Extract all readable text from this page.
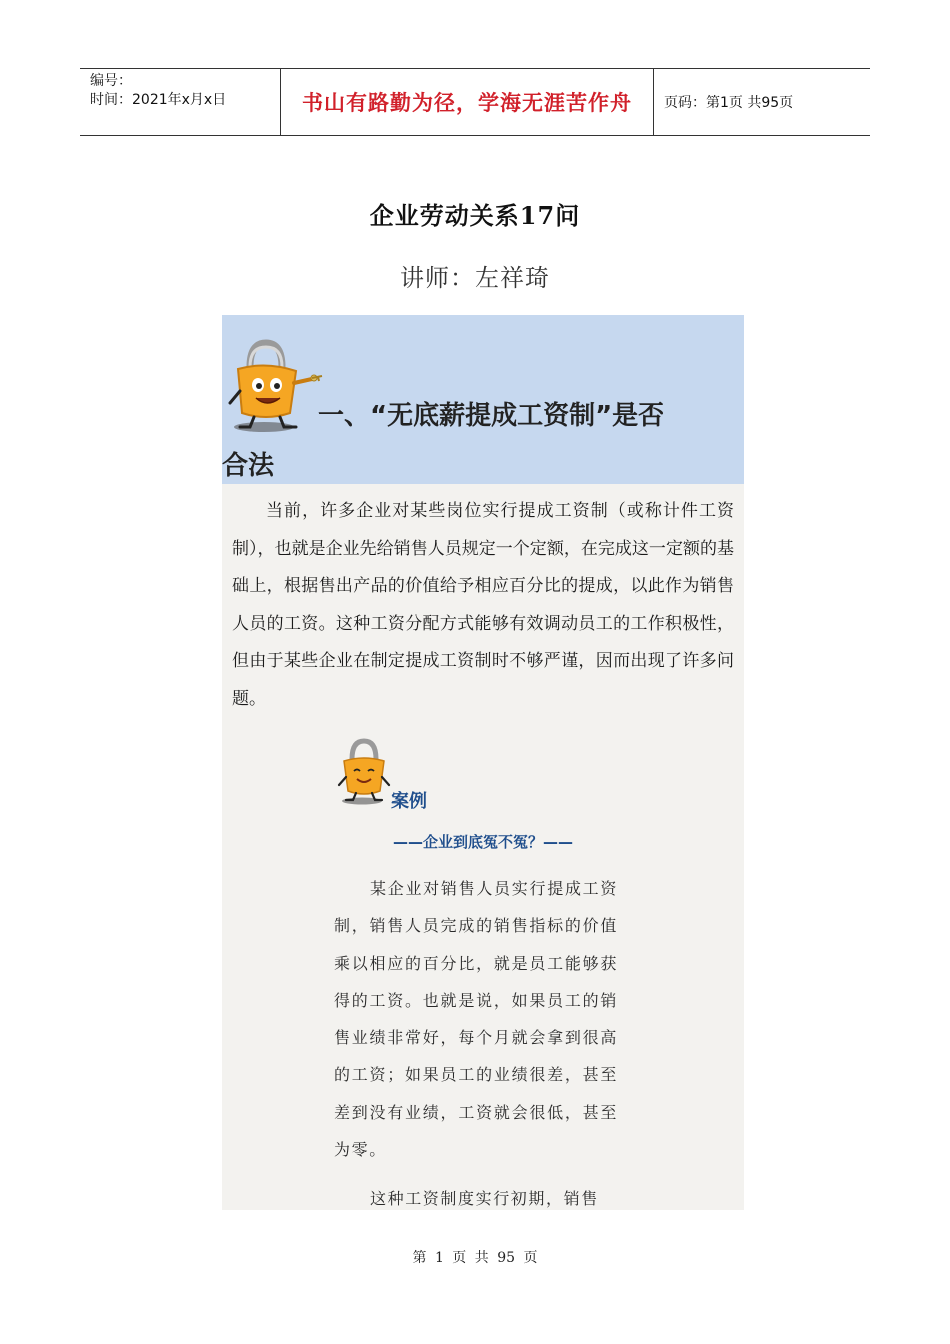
编号：
时间：2021年x月x日	书山有路勤为径，学海无涯苦作舟 页码：第1页 共95页
企业劳动关系17问
讲师：左祥琦
一、“无底薪提成工资制”是否
合法

当前，许多企业对某些岗位实行提成工资制（或称计件工资制），也就是企业先给销售人员规定一个定额，在完成这一定额的基础上，根据售出产品的价值给予相应百分比的提成，以此作为销售人员的工资。这种工资分配方式能够有效调动员工的工作积极性，但由于某些企业在制定提成工资制时不够严谨，因而出现了许多问题。

案例
——企业到底冤不冤？——

某企业对销售人员实行提成工资制，销售人员完成的销售指标的价值乘以相应的百分比，就是员工能够获得的工资。也就是说，如果员工的销售业绩非常好，每个月就会拿到很高的工资；如果员工的业绩很差，甚至差到没有业绩，工资就会很低，甚至为零。

这种工资制度实行初期，销售

第 1 页 共 95 页
